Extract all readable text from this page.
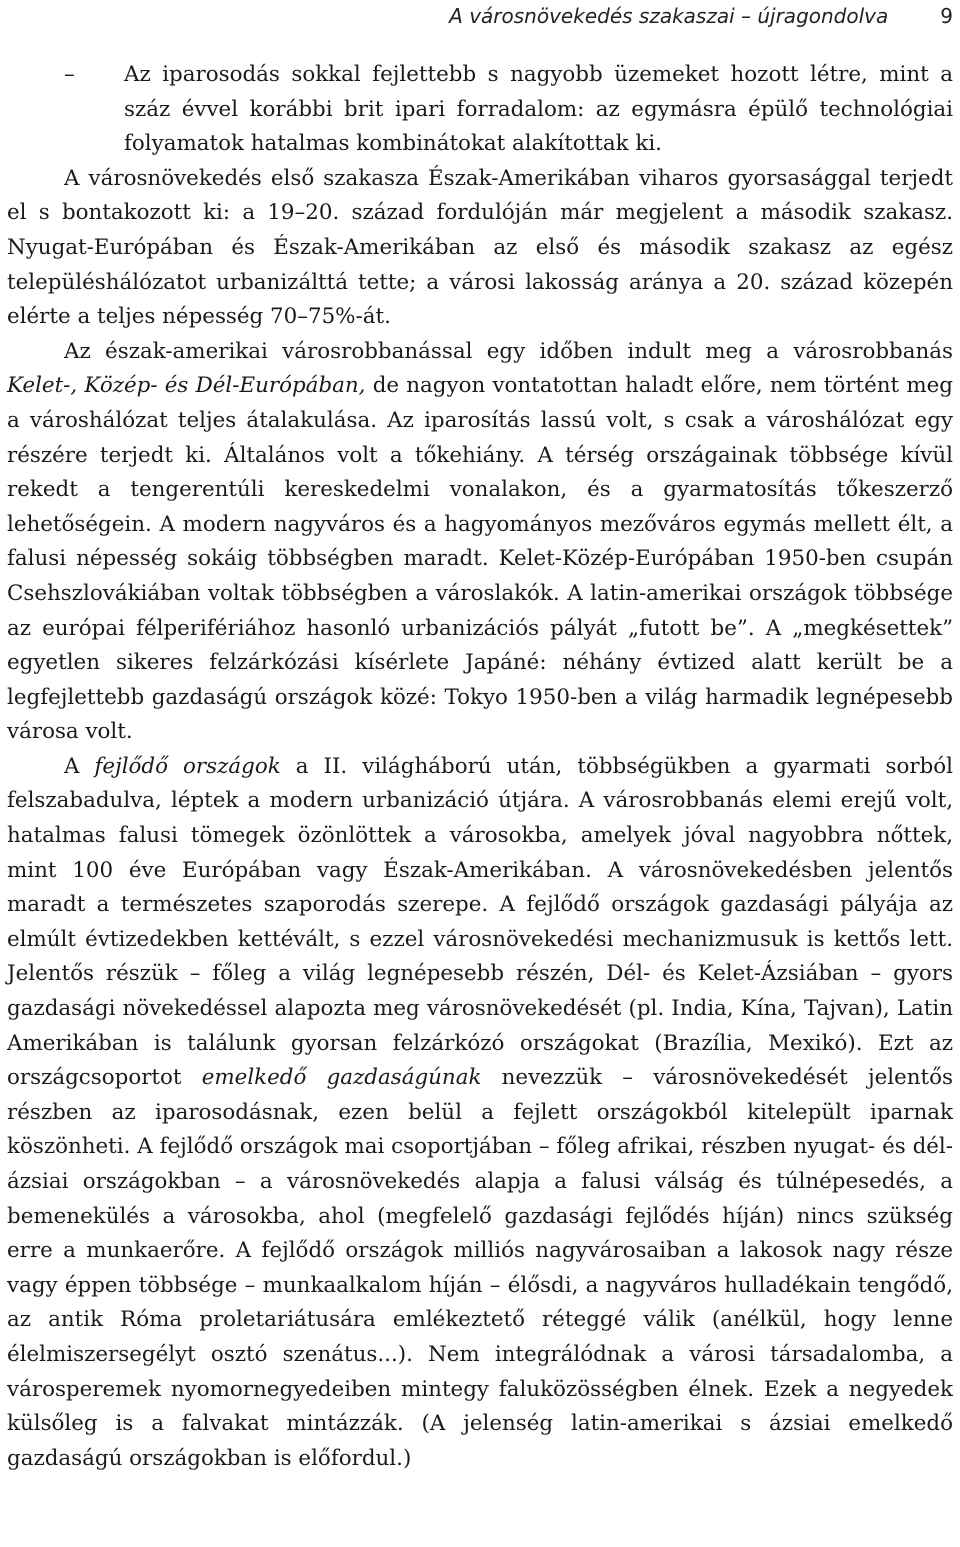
A városnövekedés szakaszai – újragondolva	9

– Az iparosodás sokkal fejlettebb s nagyobb üzemeket hozott létre, mint a száz évvel korábbi brit ipari forradalom: az egymásra épülő technológiai folyamatok hatalmas kombinátokat alakítottak ki.

A városnövekedés első szakasza Észak-Amerikában viharos gyorsasággal terjedt el s bontakozott ki: a 19–20. század fordulóján már megjelent a második szakasz. Nyugat-Európában és Észak-Amerikában az első és második szakasz az egész településhálózatot urbanizálttá tette; a városi lakosság aránya a 20. század közepén elérte a teljes népesség 70–75%-át.

Az észak-amerikai városrobbanással egy időben indult meg a városrobbanás Kelet-, Közép- és Dél-Európában, de nagyon vontatottan haladt előre, nem történt meg a városhálózat teljes átalakulása. Az iparosítás lassú volt, s csak a városhálózat egy részére terjedt ki. Általános volt a tőkehiány. A térség országainak többsége kívül rekedt a tengerentúli kereskedelmi vonalakon, és a gyarmatosítás tőkeszerző lehetőségein. A modern nagyváros és a hagyományos mezőváros egymás mellett élt, a falusi népesség sokáig többségben maradt. Kelet-Közép-Európában 1950-ben csupán Csehszlovákiában voltak többségben a városlakók. A latin-amerikai országok többsége az európai félperifériához hasonló urbanizációs pályát „futott be”. A „megkésettek” egyetlen sikeres felzárkózási kísérlete Japáné: néhány évtized alatt került be a legfejlettebb gazdaságú országok közé: Tokyo 1950-ben a világ harmadik legnépesebb városa volt.

A fejlődő országok a II. világháború után, többségükben a gyarmati sorból felszabadulva, léptek a modern urbanizáció útjára. A városrobbanás elemi erejű volt, hatalmas falusi tömegek özönlöttek a városokba, amelyek jóval nagyobbra nőttek, mint 100 éve Európában vagy Észak-Amerikában. A városnövekedésben jelentős maradt a természetes szaporodás szerepe. A fejlődő országok gazdasági pályája az elmúlt évtizedekben kettévált, s ezzel városnövekedési mechanizmusuk is kettős lett. Jelentős részük – főleg a világ legnépesebb részén, Dél- és Kelet-Ázsiában – gyors gazdasági növekedéssel alapozta meg városnövekedését (pl. India, Kína, Tajvan), Latin Amerikában is találunk gyorsan felzárkózó országokat (Brazília, Mexikó). Ezt az országcsoportot emelkedő gazdaságúnak nevezzük – városnövekedését jelentős részben az iparosodásnak, ezen belül a fejlett országokból kitelepült iparnak köszönheti. A fejlődő országok mai csoportjában – főleg afrikai, részben nyugat- és dél-ázsiai országokban – a városnövekedés alapja a falusi válság és túlnépesedés, a bemenekülés a városokba, ahol (megfelelő gazdasági fejlődés híján) nincs szükség erre a munkaerőre. A fejlődő országok milliós nagyvárosaiban a lakosok nagy része vagy éppen többsége – munkaalkalom híján – élősdi, a nagyváros hulladékain tengődő, az antik Róma proletariátusára emlékeztető réteggé válik (anélkül, hogy lenne élelmiszersegélyt osztó szenátus...). Nem integrálódnak a városi társadalomba, a városperemek nyomornegyedeiben mintegy faluközösségben élnek. Ezek a negyedek külsőleg is a falvakat mintázzák. (A jelenség latin-amerikai s ázsiai emelkedő gazdaságú országokban is előfordul.)
